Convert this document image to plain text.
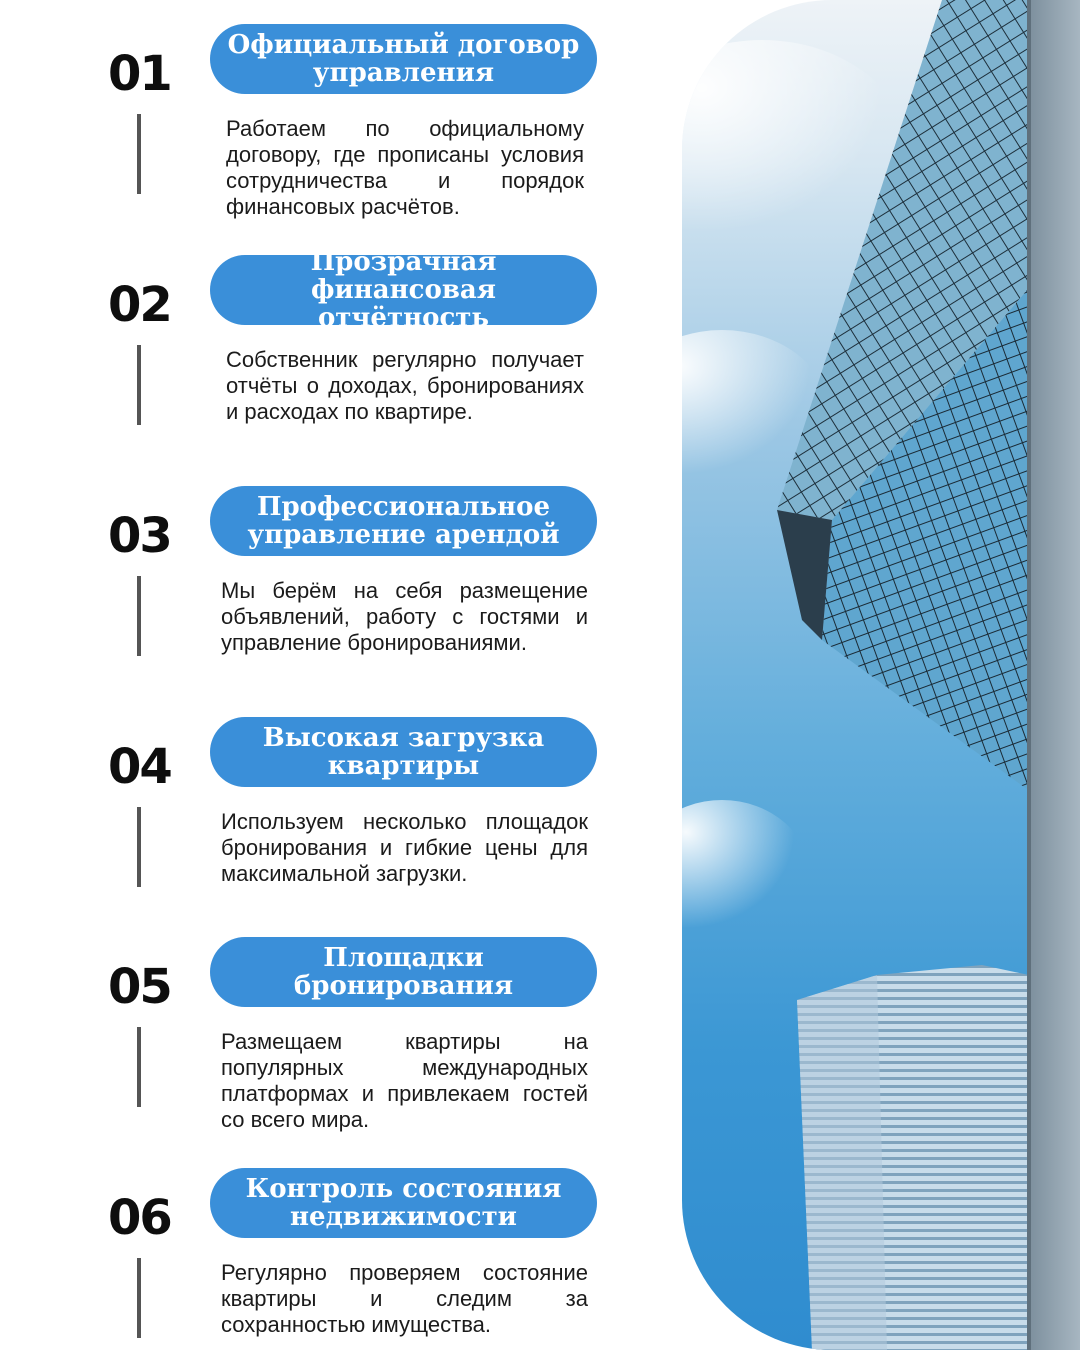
Официальный договор управления
01
Работаем по официальному договору, где прописаны условия сотрудничества и порядок финансовых расчётов.
Прозрачная финансовая отчётность
02
Собственник регулярно получает отчёты о доходах, бронированиях и расходах по квартире.
Профессиональное управление арендой
03
Мы берём на себя размещение объявлений, работу с гостями и управление бронированиями.
Высокая загрузка квартиры
04
Используем несколько площадок бронирования и гибкие цены для максимальной загрузки.
Площадки бронирования
05
Размещаем квартиры на популярных международных платформах и привлекаем гостей со всего мира.
Контроль состояния недвижимости
06
Регулярно проверяем состояние квартиры и следим за сохранностью имущества.
